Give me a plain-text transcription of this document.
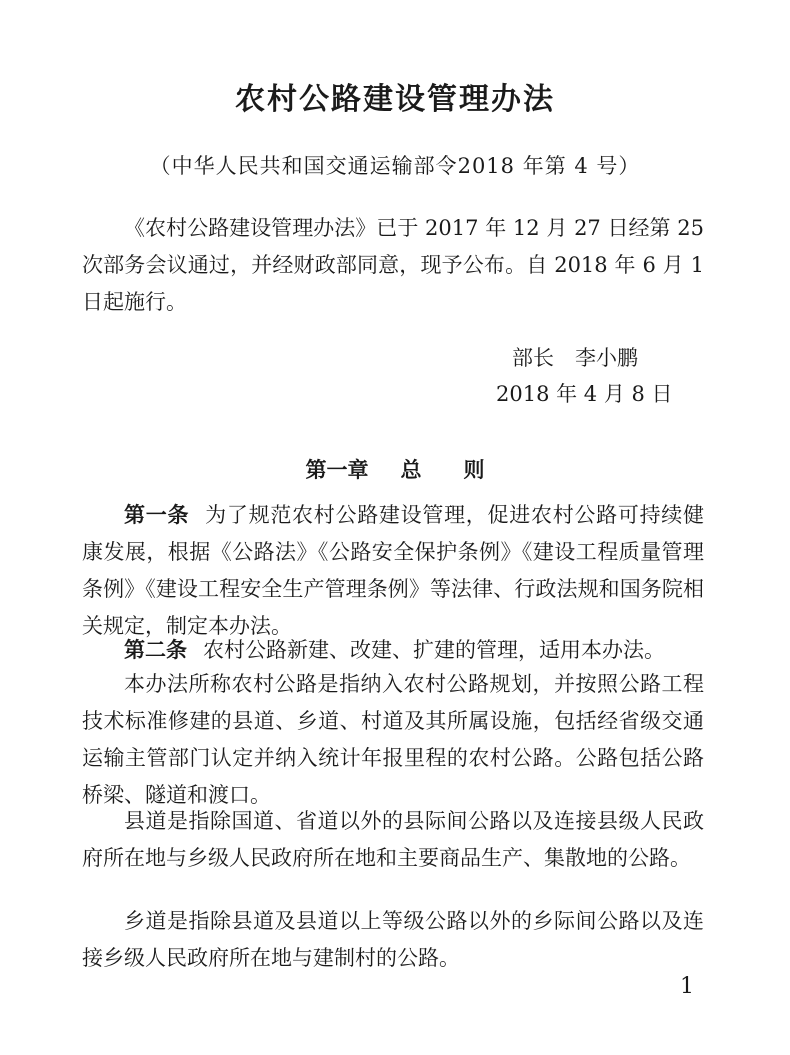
农村公路建设管理办法
（中华人民共和国交通运输部令2018 年第 4 号）

《农村公路建设管理办法》已于 2017 年 12 月 27 日经第 25 次部务会议通过，并经财政部同意，现予公布。自 2018 年 6 月 1 日起施行。

部长　李小鹏
2018 年 4 月 8 日
第一章 总 则

第一条 为了规范农村公路建设管理，促进农村公路可持续健康发展，根据《公路法》《公路安全保护条例》《建设工程质量管理条例》《建设工程安全生产管理条例》等法律、行政法规和国务院相关规定，制定本办法。

第二条 农村公路新建、改建、扩建的管理，适用本办法。

本办法所称农村公路是指纳入农村公路规划，并按照公路工程技术标准修建的县道、乡道、村道及其所属设施，包括经省级交通运输主管部门认定并纳入统计年报里程的农村公路。公路包括公路桥梁、隧道和渡口。

县道是指除国道、省道以外的县际间公路以及连接县级人民政府所在地与乡级人民政府所在地和主要商品生产、集散地的公路。

乡道是指除县道及县道以上等级公路以外的乡际间公路以及连接乡级人民政府所在地与建制村的公路。

1
